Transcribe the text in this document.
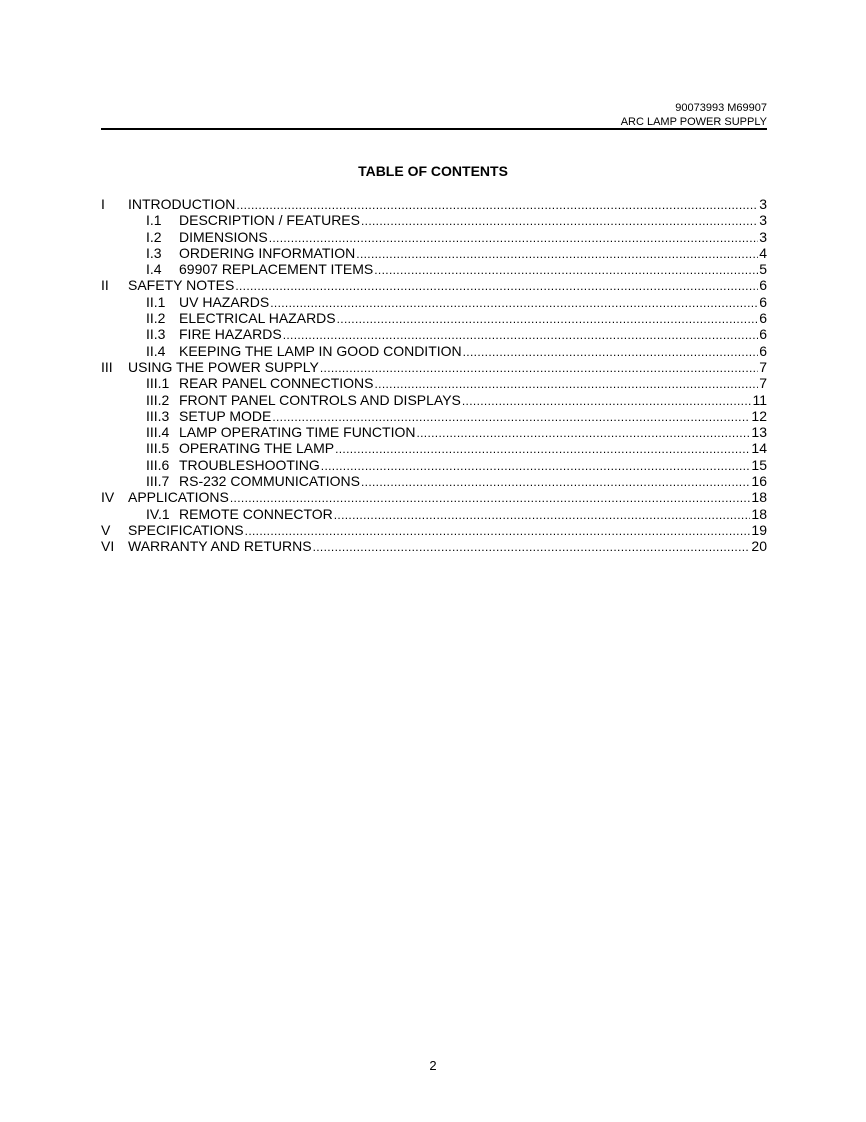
90073993 M69907
ARC LAMP POWER SUPPLY
TABLE OF CONTENTS
I	INTRODUCTION . . .	3
I.1	DESCRIPTION / FEATURES . . .	3
I.2	DIMENSIONS . . .	3
I.3	ORDERING INFORMATION . . .	4
I.4	69907 REPLACEMENT ITEMS . . .	5
II	SAFETY NOTES . . .	6
II.1 UV HAZARDS . . .	6
II.2 ELECTRICAL HAZARDS . . .	6
II.3 FIRE HAZARDS . . .	6
II.4 KEEPING THE LAMP IN GOOD CONDITION . . .	6
III	USING THE POWER SUPPLY . . .	7
III.1 REAR PANEL CONNECTIONS . . .	7
III.2 FRONT PANEL CONTROLS AND DISPLAYS . . .	11
III.3 SETUP MODE . . .	12
III.4 LAMP OPERATING TIME FUNCTION . . .	13
III.5 OPERATING THE LAMP . . .	14
III.6 TROUBLESHOOTING . . .	15
III.7 RS-232 COMMUNICATIONS . . .	16
IV APPLICATIONS . . .	18
IV.1 REMOTE CONNECTOR . . .	18
V	SPECIFICATIONS . . .	19
VI WARRANTY AND RETURNS . . .	20
2
